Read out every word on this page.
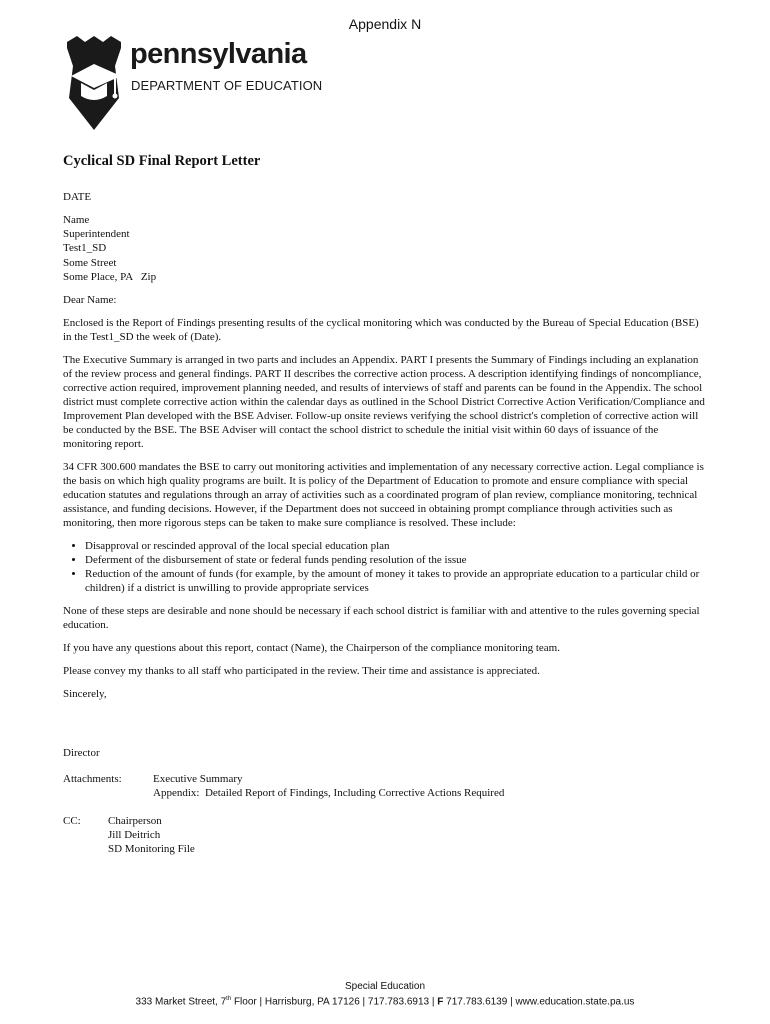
Appendix N
pennsylvania
DEPARTMENT OF EDUCATION
Cyclical SD Final Report Letter

DATE

Name
Superintendent
Test1_SD
Some Street
Some Place, PA   Zip

Dear Name:

Enclosed is the Report of Findings presenting results of the cyclical monitoring which was conducted by the Bureau of Special Education (BSE) in the Test1_SD the week of (Date).

The Executive Summary is arranged in two parts and includes an Appendix. PART I presents the Summary of Findings including an explanation of the review process and general findings. PART II describes the corrective action process. A description identifying findings of noncompliance, corrective action required, improvement planning needed, and results of interviews of staff and parents can be found in the Appendix. The school district must complete corrective action within the calendar days as outlined in the School District Corrective Action Verification/Compliance and Improvement Plan developed with the BSE Adviser. Follow-up onsite reviews verifying the school district's completion of corrective action will be conducted by the BSE. The BSE Adviser will contact the school district to schedule the initial visit within 60 days of issuance of the monitoring report.

34 CFR 300.600 mandates the BSE to carry out monitoring activities and implementation of any necessary corrective action. Legal compliance is the basis on which high quality programs are built. It is policy of the Department of Education to promote and ensure compliance with special education statutes and regulations through an array of activities such as a coordinated program of plan review, compliance monitoring, technical assistance, and funding decisions. However, if the Department does not succeed in obtaining prompt compliance through activities such as monitoring, then more rigorous steps can be taken to make sure compliance is resolved. These include:

• Disapproval or rescinded approval of the local special education plan
• Deferment of the disbursement of state or federal funds pending resolution of the issue
• Reduction of the amount of funds (for example, by the amount of money it takes to provide an appropriate education to a particular child or children) if a district is unwilling to provide appropriate services

None of these steps are desirable and none should be necessary if each school district is familiar with and attentive to the rules governing special education.

If you have any questions about this report, contact (Name), the Chairperson of the compliance monitoring team.

Please convey my thanks to all staff who participated in the review. Their time and assistance is appreciated.

Sincerely,

Director

Attachments:	Executive Summary
Appendix:  Detailed Report of Findings, Including Corrective Actions Required
CC:	Chairperson
Jill Deitrich
SD Monitoring File
Special Education
333 Market Street, 7th Floor | Harrisburg, PA 17126 | 717.783.6913 | F 717.783.6139 | www.education.state.pa.us
